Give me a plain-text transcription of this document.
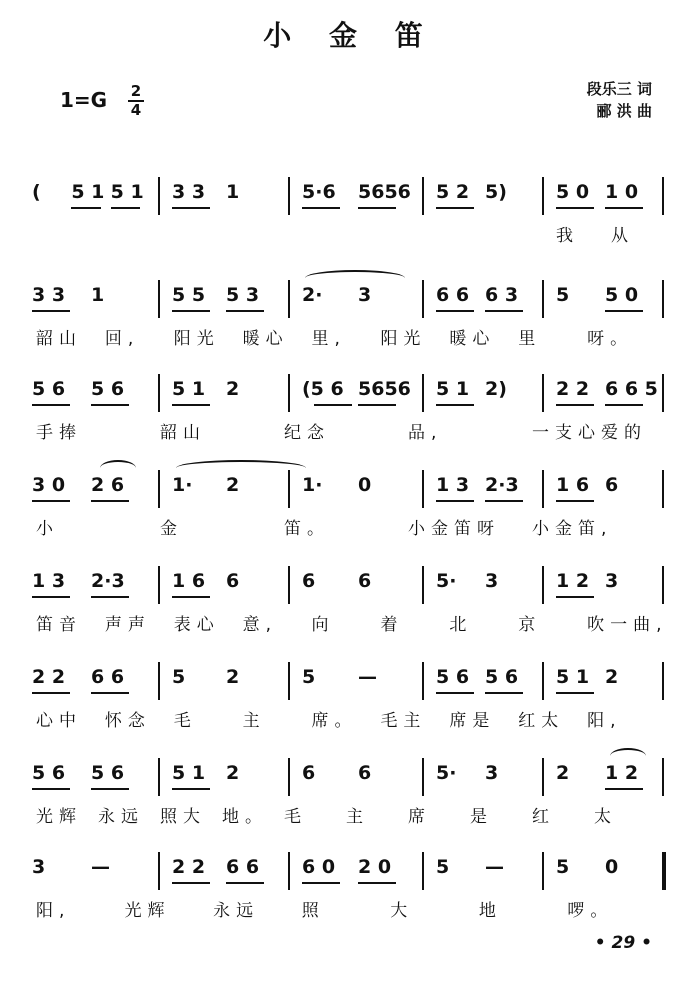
小 金 笛
1=G 2
4
段乐三 词
郦 洪 曲
( 5 1 5 1 3 3 1	5·6 5656 5 2 5)	5 0 1 0
我 从
3 3 1	5 5 5 3 2· 3	6 6 6 3 5 5 0
韶山 回, 阳光 暖心 里, 阳光 暖心 里	呀。
5 6 5 6	5 1 2	(5 6 5656 5 1 2)	2 2 6 6 5
手捧	韶山	纪念	品,	一支心爱的
3 0 2 6	1· 2	1· 0	1 3 2·3 1 6 6
小	金	笛。	小金笛呀 小金笛,
1 3 2·3 1 6 6	6 6	5· 3	1 2 3
笛音 声声 表心 意, 向	着	北	京	吹一曲,
2 2 6 6	5 2	5 —	5 6 5 6 5 1 2
心中 怀念 毛	主	席。 毛主 席是 红太 阳,
5 6 5 6	5 1 2	6 6	5· 3	2 1 2
光辉 永远 照大 地。 毛 主 席 是 红 太
3 —	2 2 6 6 6 0 2 0 5 —	5 0
阳,	光辉	永远	照	大	地	啰。
• 29 •
